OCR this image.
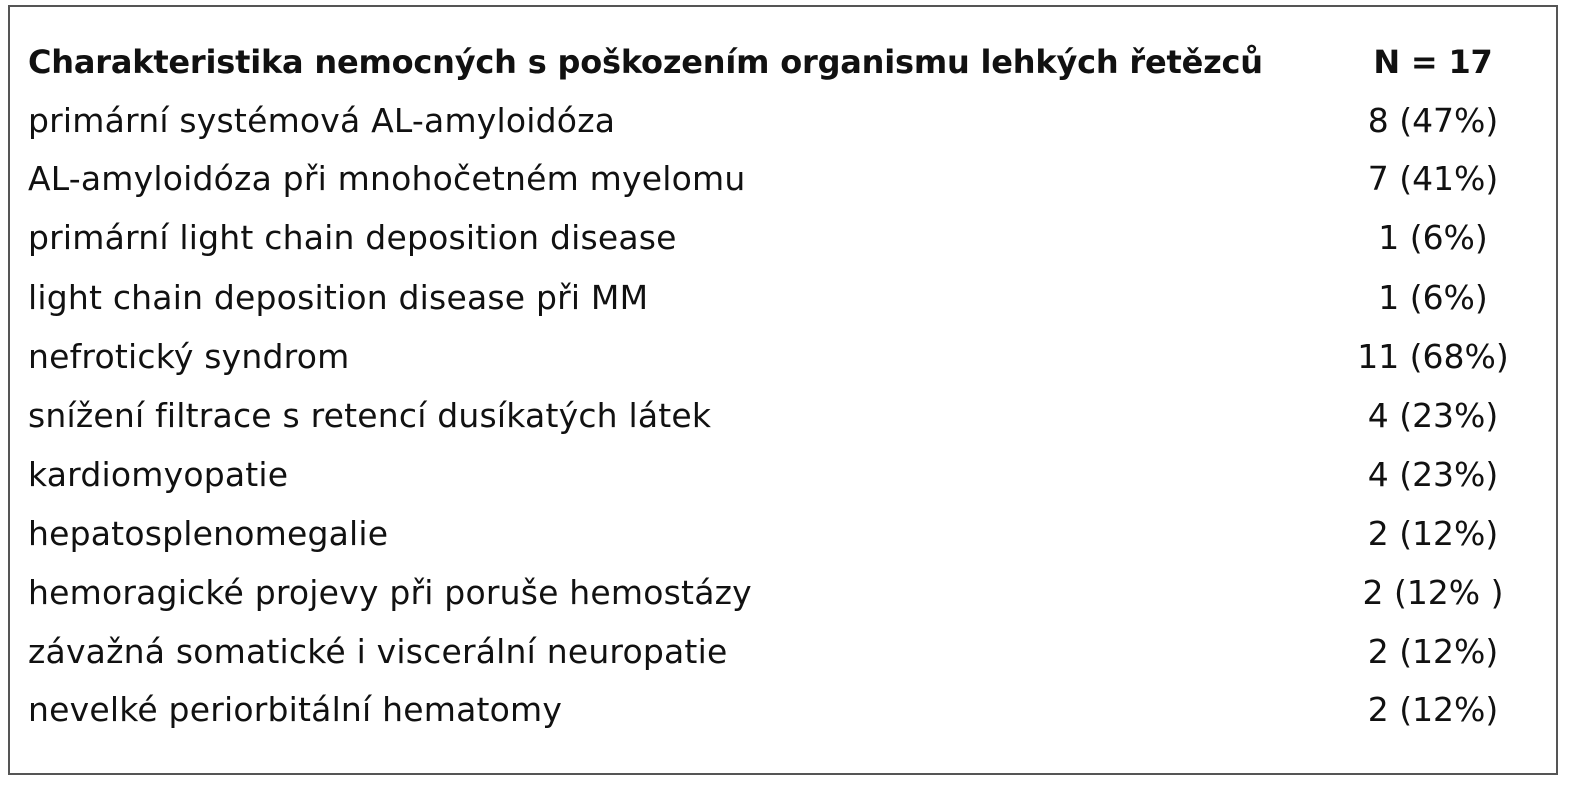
Charakteristika nemocných s poškozením organismu lehkých řetězců	N = 17
primární systémová AL-amyloidóza	8 (47%)
AL-amyloidóza při mnohočetném myelomu	7 (41%)
primární light chain deposition disease	1 (6%)
light chain deposition disease při MM	1 (6%)
nefrotický syndrom	11 (68%)
snížení filtrace s retencí dusíkatých látek	4 (23%)
kardiomyopatie	4 (23%)
hepatosplenomegalie	2 (12%)
hemoragické projevy při poruše hemostázy	2 (12% )
závažná somatické i viscerální neuropatie	2 (12%)
nevelké periorbitální hematomy	2 (12%)
